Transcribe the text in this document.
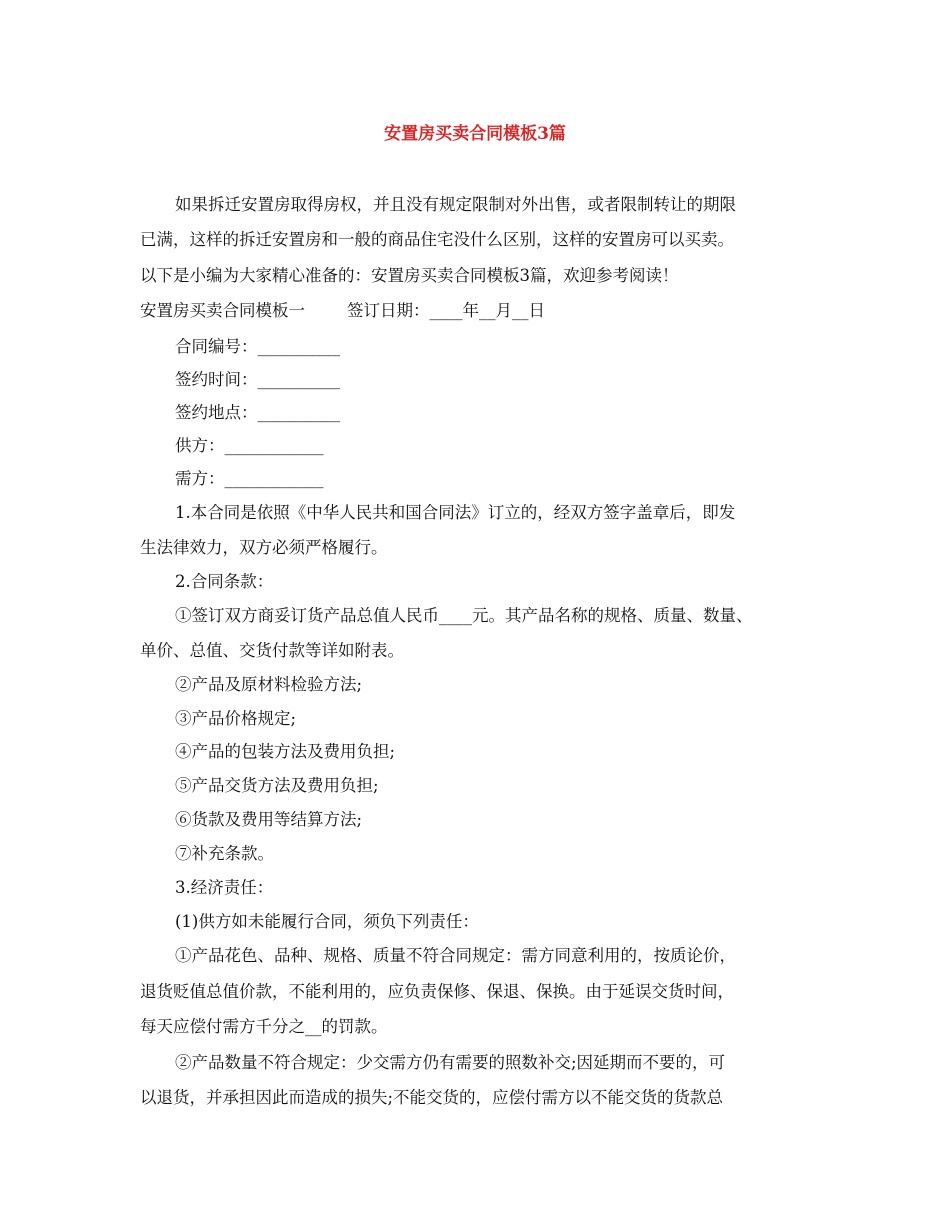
安置房买卖合同模板3篇
如果拆迁安置房取得房权，并且没有规定限制对外出售，或者限制转让的期限
已满，这样的拆迁安置房和一般的商品住宅没什么区别，这样的安置房可以买卖。
以下是小编为大家精心准备的：安置房买卖合同模板3篇，欢迎参考阅读！
安置房买卖合同模板一	签订日期：____年__月__日
合同编号：__________
签约时间：__________
签约地点：__________
供方：____________
需方：____________
1.本合同是依照《中华人民共和国合同法》订立的，经双方签字盖章后，即发
生法律效力，双方必须严格履行。
2.合同条款：
①签订双方商妥订货产品总值人民币____元。其产品名称的规格、质量、数量、
单价、总值、交货付款等详如附表。
②产品及原材料检验方法;
③产品价格规定;
④产品的包装方法及费用负担;
⑤产品交货方法及费用负担;
⑥货款及费用等结算方法;
⑦补充条款。
3.经济责任：
(1)供方如未能履行合同，须负下列责任：
①产品花色、品种、规格、质量不符合同规定：需方同意利用的，按质论价，
退货贬值总值价款，不能利用的，应负责保修、保退、保换。由于延误交货时间，
每天应偿付需方千分之__的罚款。
②产品数量不符合规定：少交需方仍有需要的照数补交;因延期而不要的，可
以退货，并承担因此而造成的损失;不能交货的，应偿付需方以不能交货的货款总
